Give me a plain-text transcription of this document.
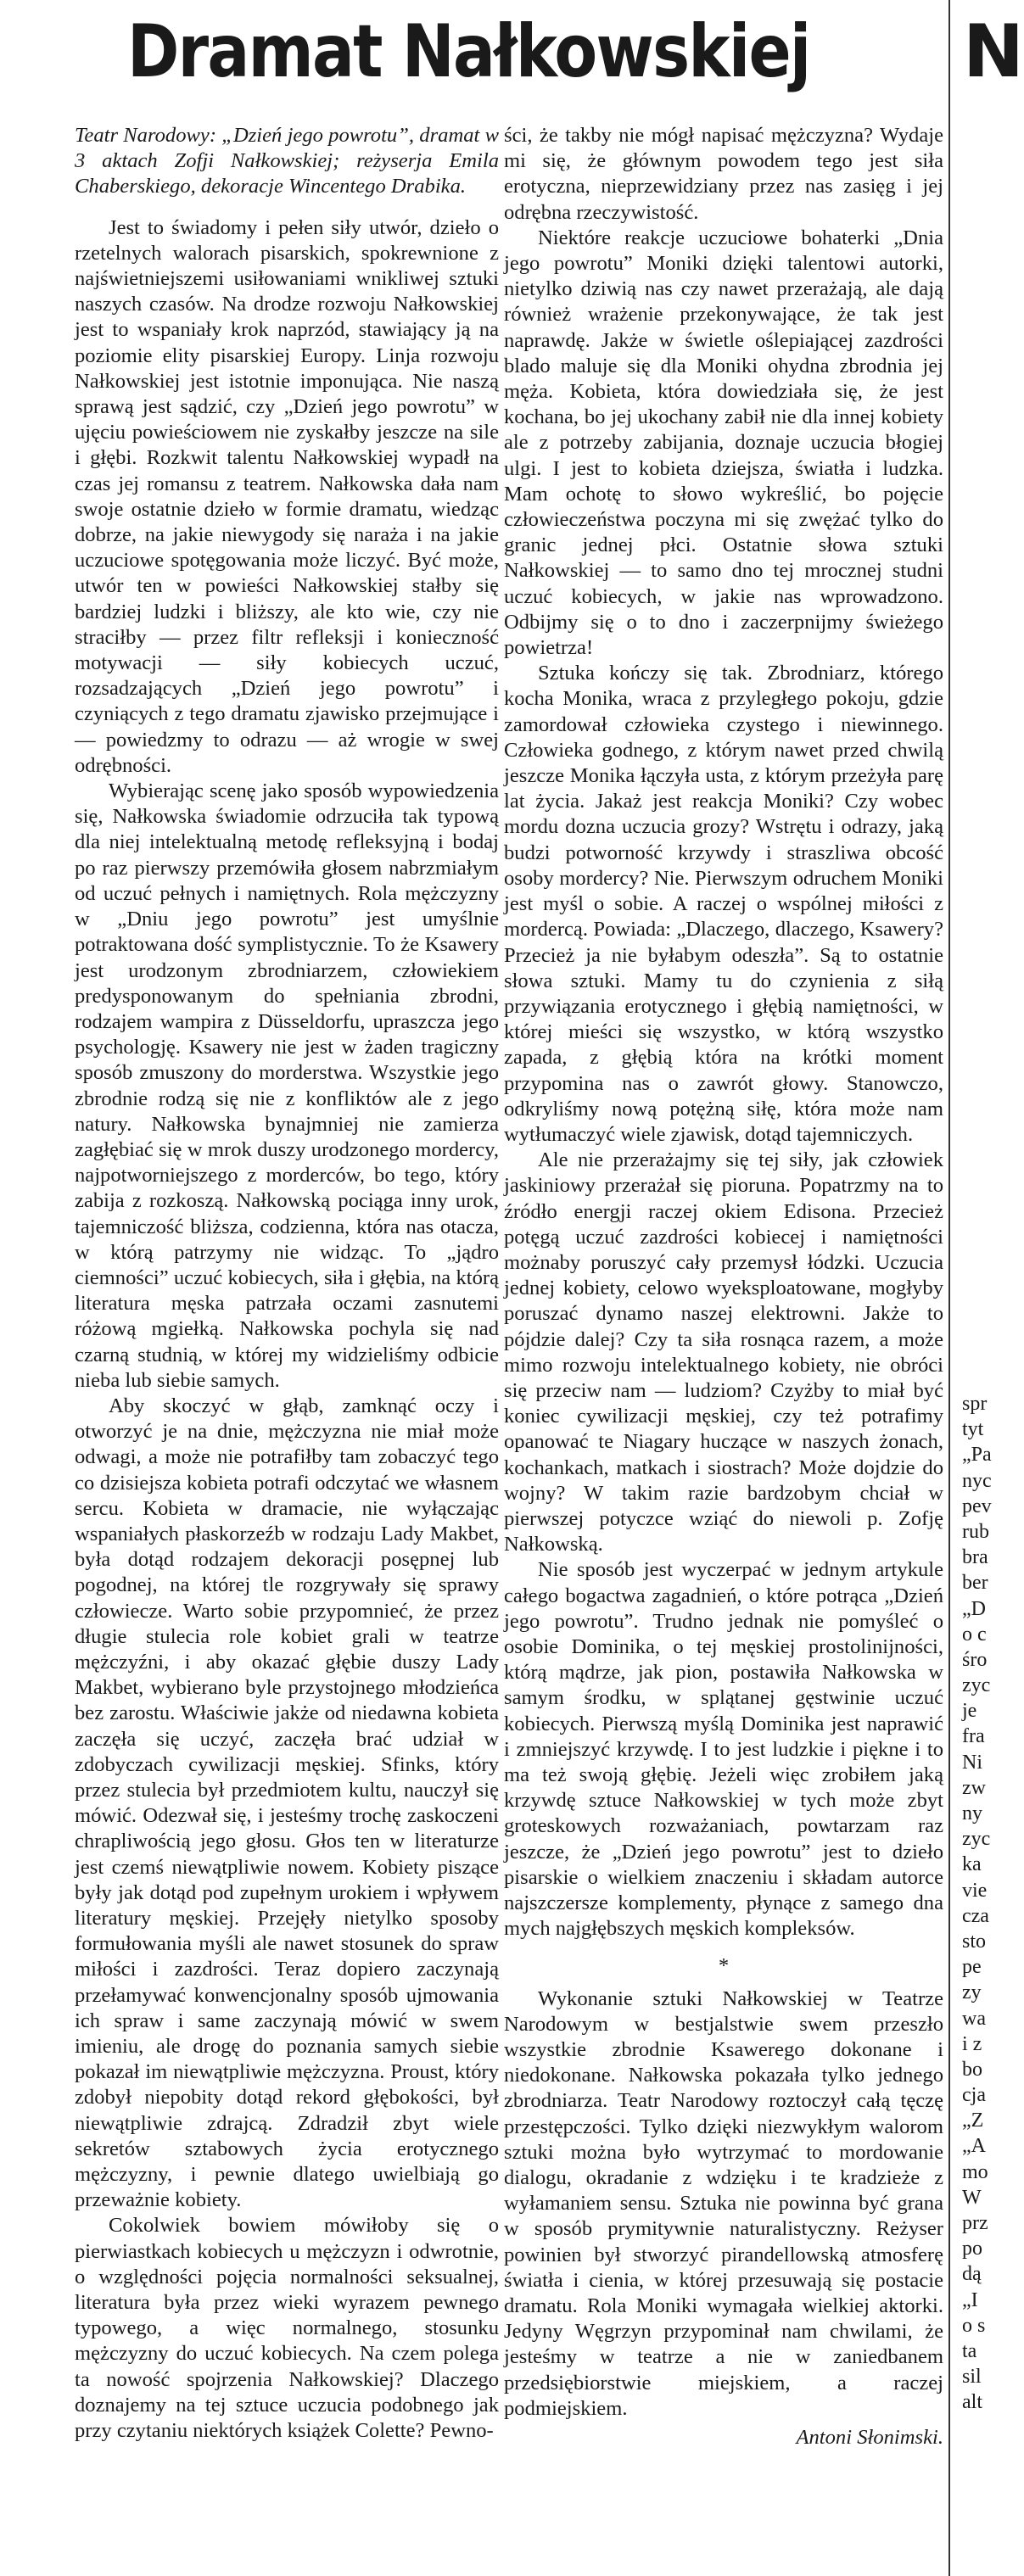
Dramat Nałkowskiej N

Teatr Narodowy: „Dzień jego powrotu”, dramat w 3 aktach Zofji Nałkowskiej; reżyserja Emila Chaberskiego, dekoracje Wincentego Drabika.

Jest to świadomy i pełen siły utwór, dzieło o rzetelnych walorach pisarskich, spokrewnione z najświetniejszemi usiłowaniami wnikliwej sztuki naszych czasów. Na drodze rozwoju Nałkowskiej jest to wspaniały krok naprzód, stawiający ją na poziomie elity pisarskiej Europy. Linja rozwoju Nałkowskiej jest istotnie imponująca. Nie naszą sprawą jest sądzić, czy „Dzień jego powrotu” w ujęciu powieściowem nie zyskałby jeszcze na sile i głębi. Rozkwit talentu Nałkowskiej wypadł na czas jej romansu z teatrem. Nałkowska dała nam swoje ostatnie dzieło w formie dramatu, wiedząc dobrze, na jakie niewygody się naraża i na jakie uczuciowe spotęgowania może liczyć. Być może, utwór ten w powieści Nałkowskiej stałby się bardziej ludzki i bliższy, ale kto wie, czy nie straciłby — przez filtr refleksji i konieczność motywacji — siły kobiecych uczuć, rozsadzających „Dzień jego powrotu” i czyniących z tego dramatu zjawisko przejmujące i — powiedzmy to odrazu — aż wrogie w swej odrębności.

Wybierając scenę jako sposób wypowiedzenia się, Nałkowska świadomie odrzuciła tak typową dla niej intelektualną metodę refleksyjną i bodaj po raz pierwszy przemówiła głosem nabrzmiałym od uczuć pełnych i namiętnych. Rola mężczyzny w „Dniu jego powrotu” jest umyślnie potraktowana dość symplistycznie. To że Ksawery jest urodzonym zbrodniarzem, człowiekiem predysponowanym do spełniania zbrodni, rodzajem wampira z Düsseldorfu, upraszcza jego psychologję. Ksawery nie jest w żaden tragiczny sposób zmuszony do morderstwa. Wszystkie jego zbrodnie rodzą się nie z konfliktów ale z jego natury. Nałkowska bynajmniej nie zamierza zagłębiać się w mrok duszy urodzonego mordercy, najpotworniejszego z morderców, bo tego, który zabija z rozkoszą. Nałkowską pociąga inny urok, tajemniczość bliższa, codzienna, która nas otacza, w którą patrzymy nie widząc. To „jądro ciemności” uczuć kobiecych, siła i głębia, na którą literatura męska patrzała oczami zasnutemi różową mgiełką. Nałkowska pochyla się nad czarną studnią, w której my widzieliśmy odbicie nieba lub siebie samych.

Aby skoczyć w głąb, zamknąć oczy i otworzyć je na dnie, mężczyzna nie miał może odwagi, a może nie potrafiłby tam zobaczyć tego co dzisiejsza kobieta potrafi odczytać we własnem sercu. Kobieta w dramacie, nie wyłączając wspaniałych płaskorzeźb w rodzaju Lady Makbet, była dotąd rodzajem dekoracji posępnej lub pogodnej, na której tle rozgrywały się sprawy człowiecze. Warto sobie przypomnieć, że przez długie stulecia role kobiet grali w teatrze mężczyźni, i aby okazać głębie duszy Lady Makbet, wybierano byle przystojnego młodzieńca bez zarostu. Właściwie jakże od niedawna kobieta zaczęła się uczyć, zaczęła brać udział w zdobyczach cywilizacji męskiej. Sfinks, który przez stulecia był przedmiotem kultu, nauczył się mówić. Odezwał się, i jesteśmy trochę zaskoczeni chrapliwością jego głosu. Głos ten w literaturze jest czemś niewątpliwie nowem. Kobiety piszące były jak dotąd pod zupełnym urokiem i wpływem literatury męskiej. Przejęły nietylko sposoby formułowania myśli ale nawet stosunek do spraw miłości i zazdrości. Teraz dopiero zaczynają przełamywać konwencjonalny sposób ujmowania ich spraw i same zaczynają mówić w swem imieniu, ale drogę do poznania samych siebie pokazał im niewątpliwie mężczyzna. Proust, który zdobył niepobity dotąd rekord głębokości, był niewątpliwie zdrajcą. Zdradził zbyt wiele sekretów sztabowych życia erotycznego mężczyzny, i pewnie dlatego uwielbiają go przeważnie kobiety.

Cokolwiek bowiem mówiłoby się o pierwiastkach kobiecych u mężczyzn i odwrotnie, o względności pojęcia normalności seksualnej, literatura była przez wieki wyrazem pewnego typowego, a więc normalnego, stosunku mężczyzny do uczuć kobiecych. Na czem polega ta nowość spojrzenia Nałkowskiej? Dlaczego doznajemy na tej sztuce uczucia podobnego jak przy czytaniu niektórych książek Colette? Pewno-

ści, że takby nie mógł napisać mężczyzna? Wydaje mi się, że głównym powodem tego jest siła erotyczna, nieprzewidziany przez nas zasięg i jej odrębna rzeczywistość.

Niektóre reakcje uczuciowe bohaterki „Dnia jego powrotu” Moniki dzięki talentowi autorki, nietylko dziwią nas czy nawet przerażają, ale dają również wrażenie przekonywające, że tak jest naprawdę. Jakże w świetle oślepiającej zazdrości blado maluje się dla Moniki ohydna zbrodnia jej męża. Kobieta, która dowiedziała się, że jest kochana, bo jej ukochany zabił nie dla innej kobiety ale z potrzeby zabijania, doznaje uczucia błogiej ulgi. I jest to kobieta dziejsza, światła i ludzka. Mam ochotę to słowo wykreślić, bo pojęcie człowieczeństwa poczyna mi się zwężać tylko do granic jednej płci. Ostatnie słowa sztuki Nałkowskiej — to samo dno tej mrocznej studni uczuć kobiecych, w jakie nas wprowadzono. Odbijmy się o to dno i zaczerpnijmy świeżego powietrza!

Sztuka kończy się tak. Zbrodniarz, którego kocha Monika, wraca z przyległego pokoju, gdzie zamordował człowieka czystego i niewinnego. Człowieka godnego, z którym nawet przed chwilą jeszcze Monika łączyła usta, z którym przeżyła parę lat życia. Jakaż jest reakcja Moniki? Czy wobec mordu dozna uczucia grozy? Wstrętu i odrazy, jaką budzi potworność krzywdy i straszliwa obcość osoby mordercy? Nie. Pierwszym odruchem Moniki jest myśl o sobie. A raczej o wspólnej miłości z mordercą. Powiada: „Dlaczego, dlaczego, Ksawery? Przecież ja nie byłabym odeszła”. Są to ostatnie słowa sztuki. Mamy tu do czynienia z siłą przywiązania erotycznego i głębią namiętności, w której mieści się wszystko, w którą wszystko zapada, z głębią która na krótki moment przypomina nas o zawrót głowy. Stanowczo, odkryliśmy nową potężną siłę, która może nam wytłumaczyć wiele zjawisk, dotąd tajemniczych.

Ale nie przerażajmy się tej siły, jak człowiek jaskiniowy przerażał się pioruna. Popatrzmy na to źródło energji raczej okiem Edisona. Przecież potęgą uczuć zazdrości kobiecej i namiętności możnaby poruszyć cały przemysł łódzki. Uczucia jednej kobiety, celowo wyeksploatowane, mogłyby poruszać dynamo naszej elektrowni. Jakże to pójdzie dalej? Czy ta siła rosnąca razem, a może mimo rozwoju intelektualnego kobiety, nie obróci się przeciw nam — ludziom? Czyżby to miał być koniec cywilizacji męskiej, czy też potrafimy opanować te Niagary huczące w naszych żonach, kochankach, matkach i siostrach? Może dojdzie do wojny? W takim razie bardzobym chciał w pierwszej potyczce wziąć do niewoli p. Zofję Nałkowską.

Nie sposób jest wyczerpać w jednym artykule całego bogactwa zagadnień, o które potrąca „Dzień jego powrotu”. Trudno jednak nie pomyśleć o osobie Dominika, o tej męskiej prostolinijności, którą mądrze, jak pion, postawiła Nałkowska w samym środku, w splątanej gęstwinie uczuć kobiecych. Pierwszą myślą Dominika jest naprawić i zmniejszyć krzywdę. I to jest ludzkie i piękne i to ma też swoją głębię. Jeżeli więc zrobiłem jaką krzywdę sztuce Nałkowskiej w tych może zbyt groteskowych rozważaniach, powtarzam raz jeszcze, że „Dzień jego powrotu” jest to dzieło pisarskie o wielkiem znaczeniu i składam autorce najszczersze komplementy, płynące z samego dna mych najgłębszych męskich kompleksów.

*

Wykonanie sztuki Nałkowskiej w Teatrze Narodowym w bestjalstwie swem przeszło wszystkie zbrodnie Ksawerego dokonane i niedokonane. Nałkowska pokazała tylko jednego zbrodniarza. Teatr Narodowy roztoczył całą tęczę przestępczości. Tylko dzięki niezwykłym walorom sztuki można było wytrzymać to mordowanie dialogu, okradanie z wdzięku i te kradzieże z wyłamaniem sensu. Sztuka nie powinna być grana w sposób prymitywnie naturalistyczny. Reżyser powinien był stworzyć pirandellowską atmosferę światła i cienia, w której przesuwają się postacie dramatu. Rola Moniki wymagała wielkiej aktorki. Jedyny Węgrzyn przypominał nam chwilami, że jesteśmy w teatrze a nie w zaniedbanem przedsiębiorstwie miejskiem, a raczej podmiejskiem.

Antoni Słonimski.
spr
tyt
„Pa
nyc
pev
rub
bra
ber
„D
o c
śro
zyc
je
fra
Ni
zw
ny
zyc
ka
vie
cza
sto
pe
zy
wa
i z
bo
cja
„Z
„A
mo
W
prz
po
dą
„I
o s
ta
sil
alt
